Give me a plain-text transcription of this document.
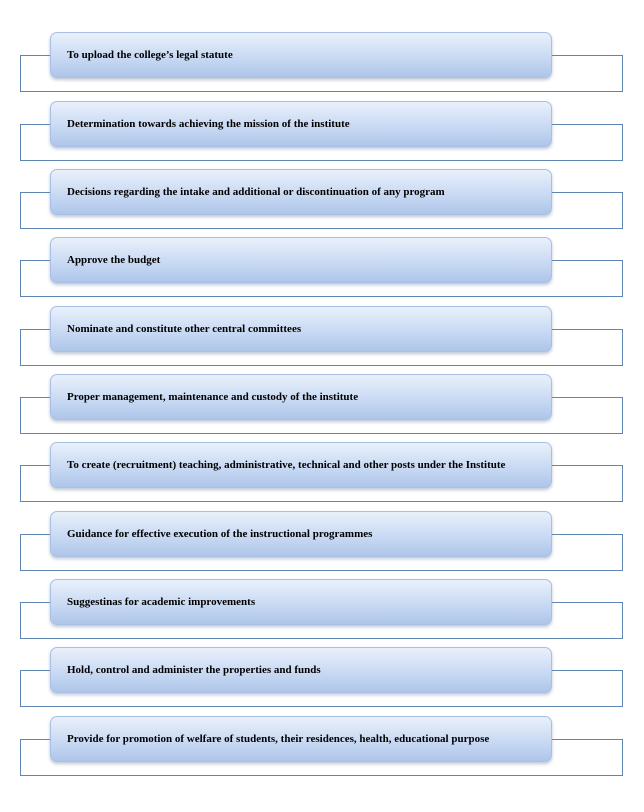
To upload the college’s legal statute
Determination towards achieving the mission of the institute
Decisions regarding the intake and additional or discontinuation of any program
Approve the budget
Nominate and constitute other central committees
Proper management, maintenance and custody of the institute
To create (recruitment) teaching, administrative, technical and other posts under the Institute
Guidance for effective execution of the instructional programmes
Suggestinas for academic improvements
Hold, control and administer the properties and funds
Provide for promotion of welfare of students, their residences, health, educational purpose
